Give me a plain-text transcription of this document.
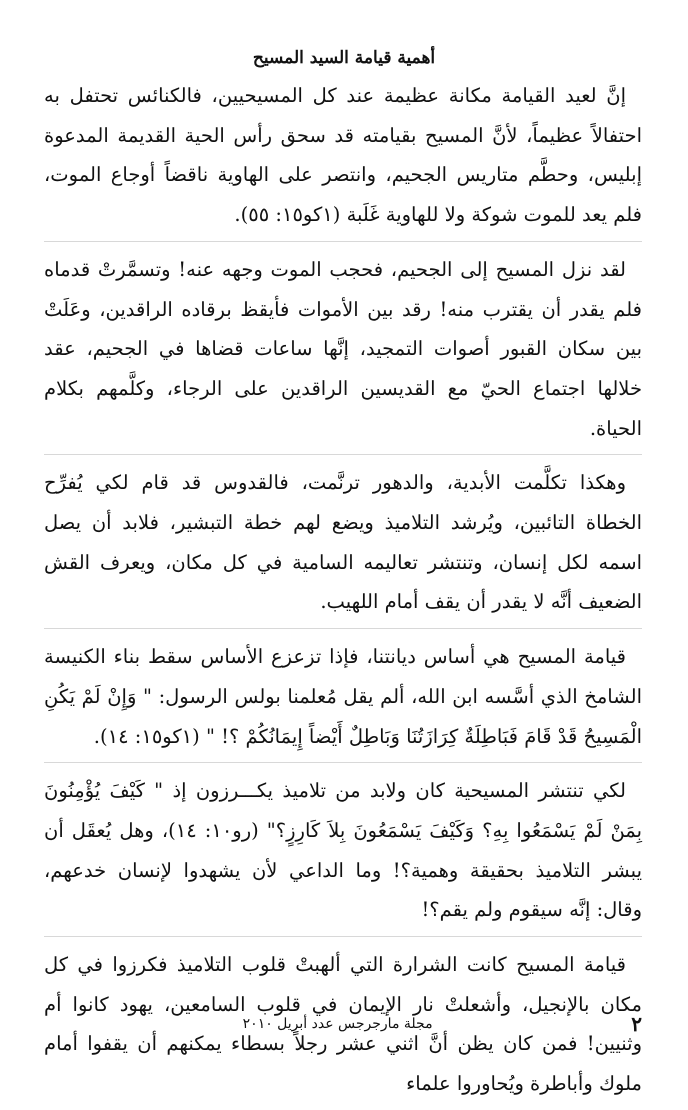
أهمية قيامة السيد المسيح

إنَّ لعيد القيامة مكانة عظيمة عند كل المسيحيين، فالكنائس تحتفل به احتفالاً عظيماً، لأنَّ المسيح بقيامته قد سحق رأس الحية القديمة المدعوة إبليس، وحطَّم متاريس الجحيم، وانتصر على الهاوية ناقضاً أوجاع الموت، فلم يعد للموت شوكة ولا للهاوية غَلَبة (١كو١٥: ٥٥).

لقد نزل المسيح إلى الجحيم، فحجب الموت وجهه عنه! وتسمَّرتْ قدماه فلم يقدر أن يقترب منه! رقد بين الأموات فأيقظ برقاده الراقدين، وعَلَتْ بين سكان القبور أصوات التمجيد، إنَّها ساعات قضاها في الجحيم، عقد خلالها اجتماع الحيّ مع القديسين الراقدين على الرجاء، وكلَّمهم بكلام الحياة.

وهكذا تكلَّمت الأبدية، والدهور ترنَّمت، فالقدوس قد قام لكي يُفرِّح الخطاة التائبين، ويُرشد التلاميذ ويضع لهم خطة التبشير، فلابد أن يصل اسمه لكل إنسان، وتنتشر تعاليمه السامية في كل مكان، ويعرف القش الضعيف أنَّه لا يقدر أن يقف أمام اللهيب.

قيامة المسيح هي أساس ديانتنا، فإذا تزعزع الأساس سقط بناء الكنيسة الشامخ الذي أسَّسه ابن الله، ألم يقل مُعلمنا بولس الرسول: " وَإِنْ لَمْ يَكُنِ الْمَسِيحُ قَدْ قَامَ فَبَاطِلَةٌ كِرَازَتُنَا وَبَاطِلٌ أَيْضاً إِيمَانُكُمْ ؟! " (١كو١٥: ١٤).

لكي تنتشر المسيحية كان ولابد من تلاميذ يكـــرزون إذ " كَيْفَ يُؤْمِنُونَ بِمَنْ لَمْ يَسْمَعُوا بِهِ؟ وَكَيْفَ يَسْمَعُونَ بِلاَ كَارِزٍ؟" (رو١٠: ١٤)، وهل يُعقَل أن يبشر التلاميذ بحقيقة وهمية؟! وما الداعي لأن يشهدوا لإنسان خدعهم، وقال: إنَّه سيقوم ولم يقم؟!

قيامة المسيح كانت الشرارة التي ألهبتْ قلوب التلاميذ فكرزوا في كل مكان بالإنجيل، وأشعلتْ نار الإيمان في قلوب السامعين، يهود كانوا أم وثنيين! فمن كان يظن أنَّ اثني عشر رجلاً بسطاء يمكنهم أن يقفوا أمام ملوك وأباطرة ويُحاوروا علماء

٢
مجلة مارجرجس عدد أبريل ٢٠١٠
